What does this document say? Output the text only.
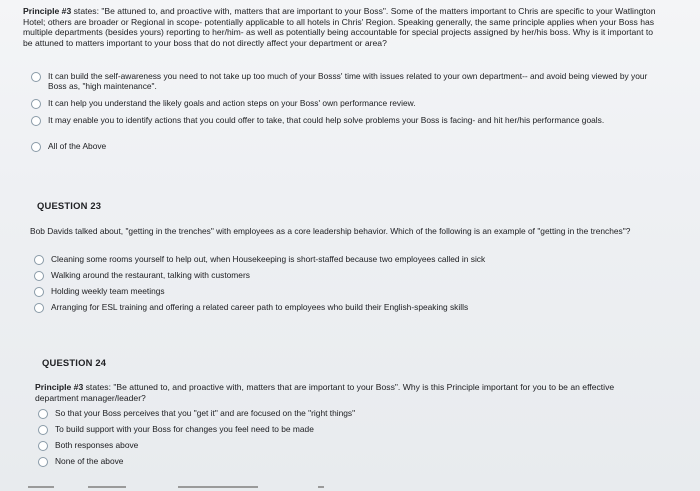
Principle #3 states: "Be attuned to, and proactive with, matters that are important to your Boss". Some of the matters important to Chris are specific to your Watlington Hotel; others are broader or Regional in scope- potentially applicable to all hotels in Chris' Region. Speaking generally, the same principle applies when your Boss has multiple departments (besides yours) reporting to her/him- as well as potentially being accountable for special projects assigned by her/his boss. Why is it important to be attuned to matters important to your boss that do not directly affect your department or area?

It can build the self-awareness you need to not take up too much of your Bosss' time with issues related to your own department-- and avoid being viewed by your Boss as, "high maintenance".
It can help you understand the likely goals and action steps on your Boss' own performance review.
It may enable you to identify actions that you could offer to take, that could help solve problems your Boss is facing- and hit her/his performance goals.
All of the Above
QUESTION 23
Bob Davids talked about, "getting in the trenches" with employees as a core leadership behavior. Which of the following is an example of "getting in the trenches"?
Cleaning some rooms yourself to help out, when Housekeeping is short-staffed because two employees called in sick
Walking around the restaurant, talking with customers
Holding weekly team meetings
Arranging for ESL training and offering a related career path to employees who build their English-speaking skills
QUESTION 24

Principle #3 states: "Be attuned to, and proactive with, matters that are important to your Boss". Why is this Principle important for you to be an effective department manager/leader?

So that your Boss perceives that you "get it" and are focused on the "right things"
To build support with your Boss for changes you feel need to be made
Both responses above
None of the above
